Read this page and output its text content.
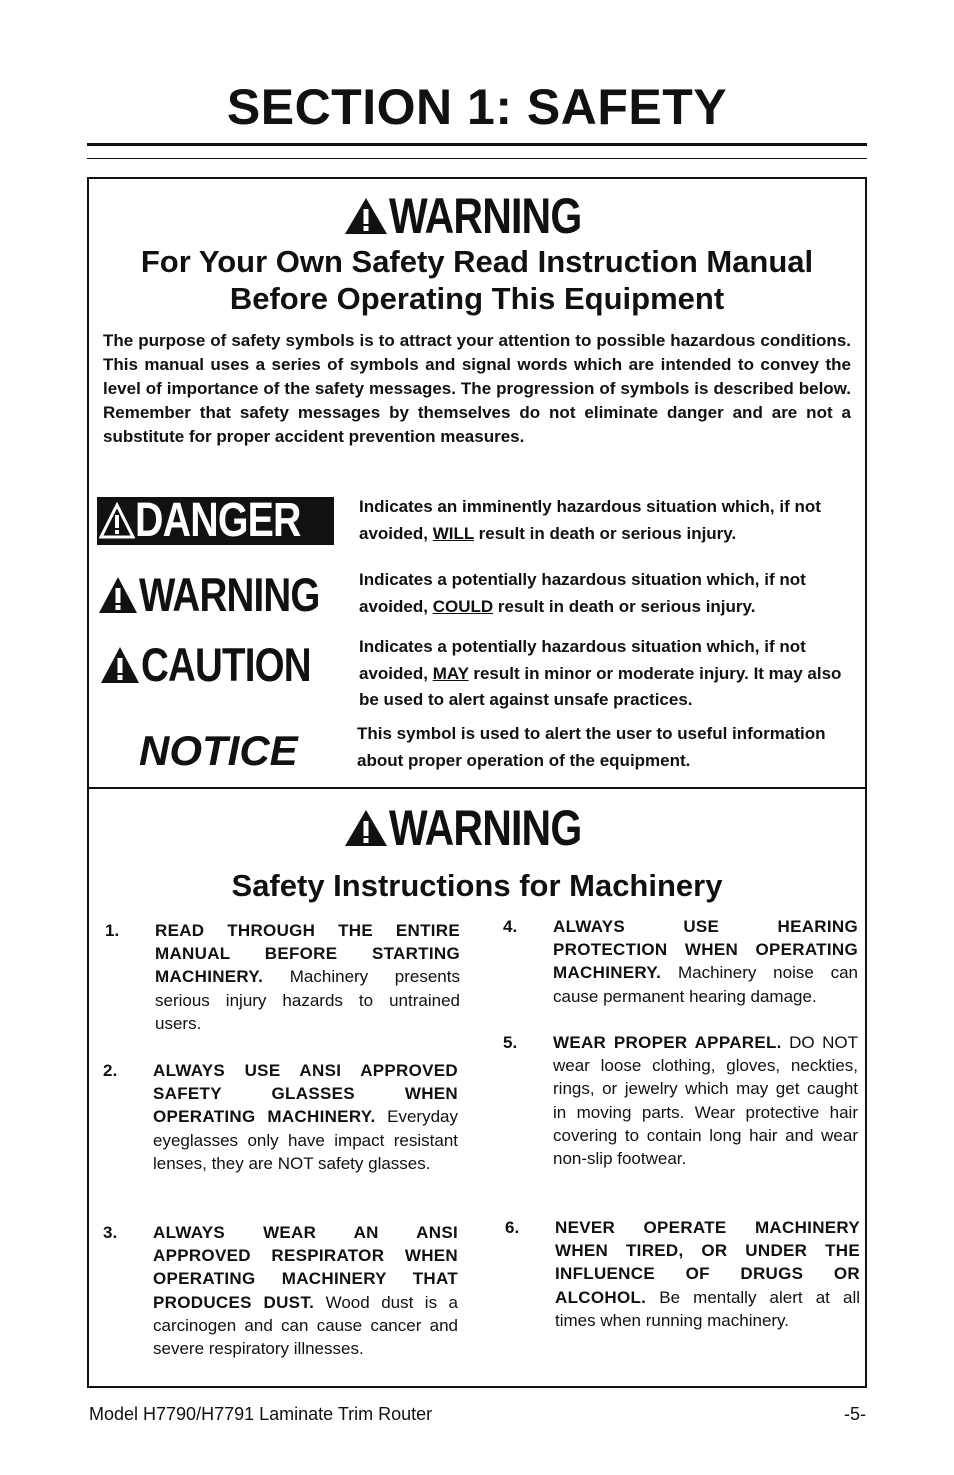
SECTION 1: SAFETY
WARNING

For Your Own Safety Read Instruction Manual

Before Operating This Equipment

The purpose of safety symbols is to attract your attention to possible hazardous conditions. This manual uses a series of symbols and signal words which are intended to convey the level of importance of the safety messages. The progression of symbols is described below. Remember that safety messages by themselves do not eliminate danger and are not a substitute for proper accident prevention measures.

DANGER	Indicates an imminently hazardous situation which, if not avoided, WILL result in death or serious injury.

WARNING	Indicates a potentially hazardous situation which, if not avoided, COULD result in death or serious injury.

CAUTION	Indicates a potentially hazardous situation which, if not avoided, MAY result in minor or moderate injury. It may also be used to alert against unsafe practices.

NOTICE	This symbol is used to alert the user to useful information about proper operation of the equipment.

WARNING

Safety Instructions for Machinery

1. READ THROUGH THE ENTIRE MANUAL BEFORE STARTING MACHINERY. Machinery presents serious injury hazards to untrained users.
2. ALWAYS USE ANSI APPROVED SAFETY GLASSES WHEN OPERATING MACHINERY. Everyday eyeglasses only have impact resistant lenses, they are NOT safety glasses.
3. ALWAYS WEAR AN ANSI APPROVED RESPIRATOR WHEN OPERATING MACHINERY THAT PRODUCES DUST. Wood dust is a carcinogen and can cause cancer and severe respiratory illnesses.
4. ALWAYS USE HEARING PROTECTION WHEN OPERATING MACHINERY. Machinery noise can cause permanent hearing damage.
5. WEAR PROPER APPAREL. DO NOT wear loose clothing, gloves, neckties, rings, or jewelry which may get caught in moving parts. Wear protective hair covering to contain long hair and wear non-slip footwear.
6. NEVER OPERATE MACHINERY WHEN TIRED, OR UNDER THE INFLUENCE OF DRUGS OR ALCOHOL. Be mentally alert at all times when running machinery.
Model H7790/H7791 Laminate Trim Router	-5-
